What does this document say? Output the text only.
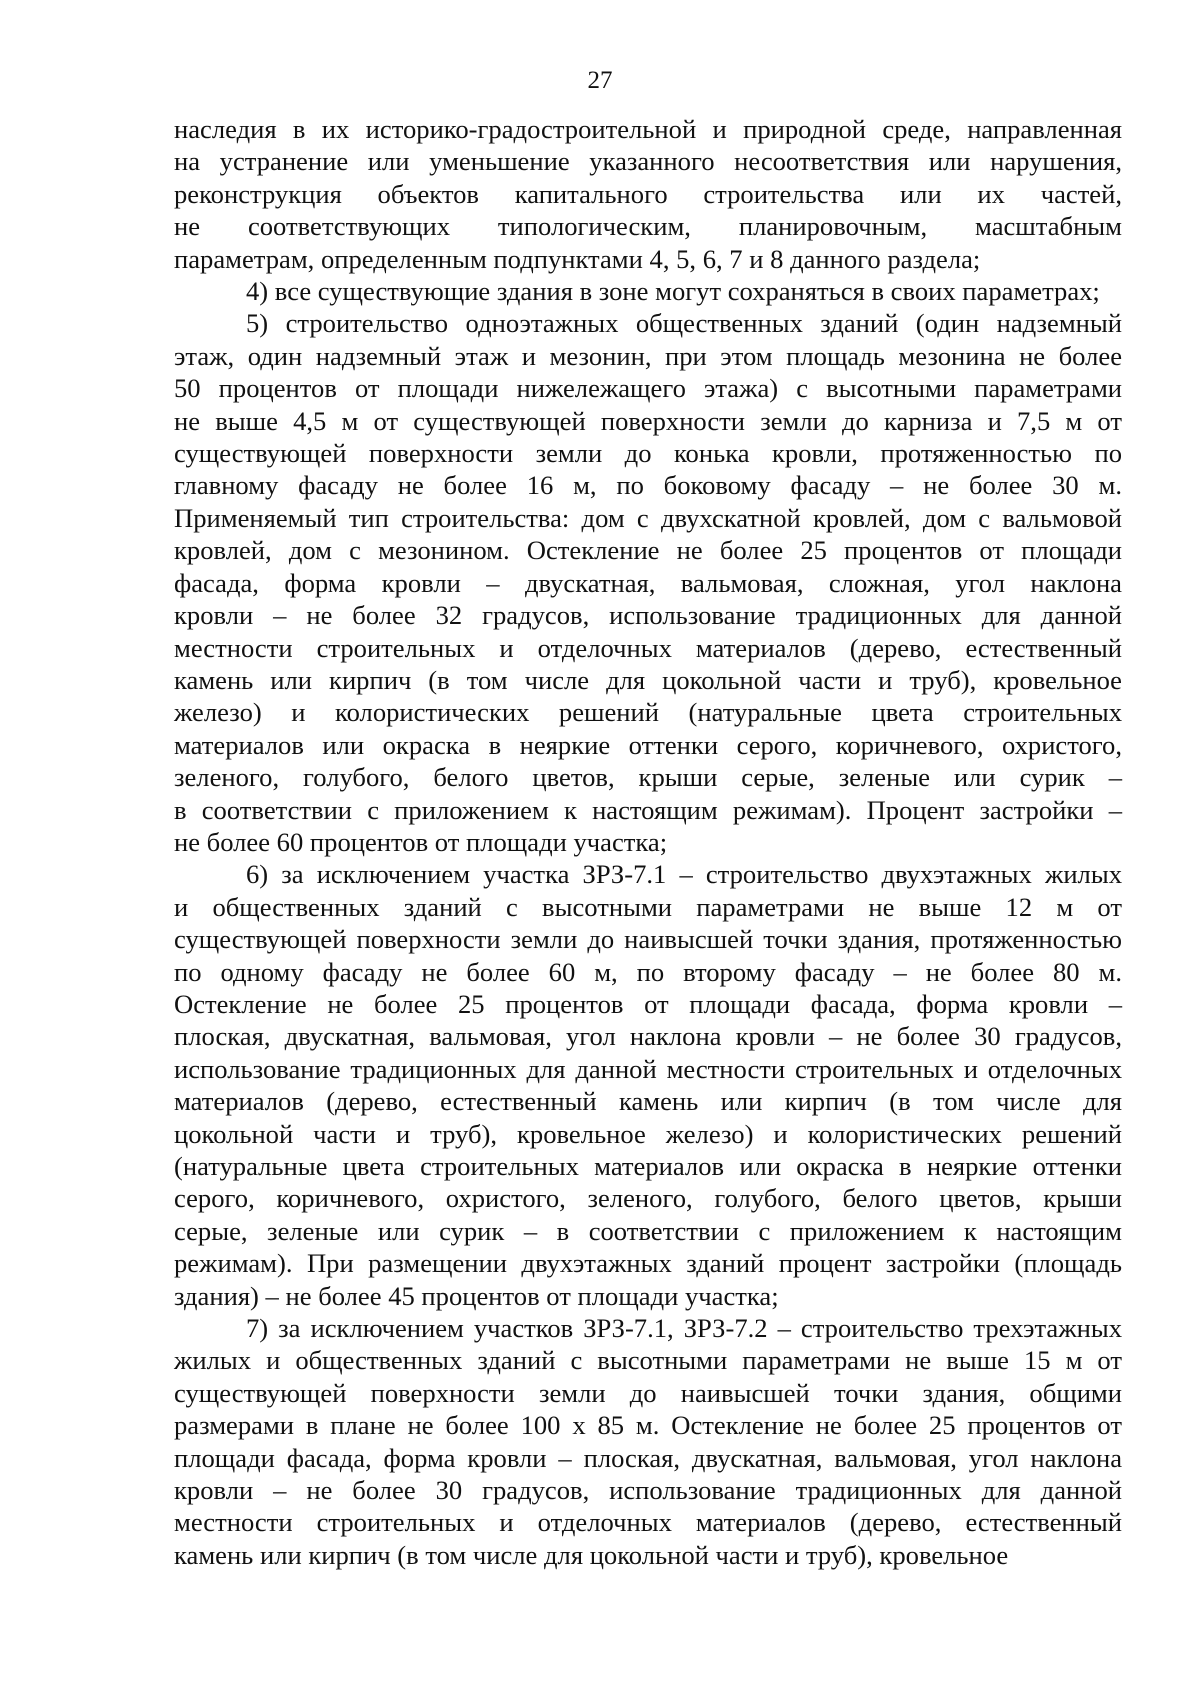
27
наследия в их историко-градостроительной и природной среде, направленная
на устранение или уменьшение указанного несоответствия или нарушения,
реконструкция объектов капитального строительства или их частей,
не соответствующих типологическим, планировочным, масштабным
параметрам, определенным подпунктами 4, 5, 6, 7 и 8 данного раздела;
4) все существующие здания в зоне могут сохраняться в своих параметрах;
5) строительство одноэтажных общественных зданий (один надземный
этаж, один надземный этаж и мезонин, при этом площадь мезонина не более
50 процентов от площади нижележащего этажа) с высотными параметрами
не выше 4,5 м от существующей поверхности земли до карниза и 7,5 м от
существующей поверхности земли до конька кровли, протяженностью по
главному фасаду не более 16 м, по боковому фасаду – не более 30 м.
Применяемый тип строительства: дом с двухскатной кровлей, дом с вальмовой
кровлей, дом с мезонином. Остекление не более 25 процентов от площади
фасада, форма кровли – двускатная, вальмовая, сложная, угол наклона
кровли – не более 32 градусов, использование традиционных для данной
местности строительных и отделочных материалов (дерево, естественный
камень или кирпич (в том числе для цокольной части и труб), кровельное
железо) и колористических решений (натуральные цвета строительных
материалов или окраска в неяркие оттенки серого, коричневого, охристого,
зеленого, голубого, белого цветов, крыши серые, зеленые или сурик –
в соответствии с приложением к настоящим режимам). Процент застройки –
не более 60 процентов от площади участка;
6) за исключением участка ЗРЗ-7.1 – строительство двухэтажных жилых
и общественных зданий с высотными параметрами не выше 12 м от
существующей поверхности земли до наивысшей точки здания, протяженностью
по одному фасаду не более 60 м, по второму фасаду – не более 80 м.
Остекление не более 25 процентов от площади фасада, форма кровли –
плоская, двускатная, вальмовая, угол наклона кровли – не более 30 градусов,
использование традиционных для данной местности строительных и отделочных
материалов (дерево, естественный камень или кирпич (в том числе для
цокольной части и труб), кровельное железо) и колористических решений
(натуральные цвета строительных материалов или окраска в неяркие оттенки
серого, коричневого, охристого, зеленого, голубого, белого цветов, крыши
серые, зеленые или сурик – в соответствии с приложением к настоящим
режимам). При размещении двухэтажных зданий процент застройки (площадь
здания) – не более 45 процентов от площади участка;
7) за исключением участков ЗРЗ-7.1, ЗРЗ-7.2 – строительство трехэтажных
жилых и общественных зданий с высотными параметрами не выше 15 м от
существующей поверхности земли до наивысшей точки здания, общими
размерами в плане не более 100 х 85 м. Остекление не более 25 процентов от
площади фасада, форма кровли – плоская, двускатная, вальмовая, угол наклона
кровли – не более 30 градусов, использование традиционных для данной
местности строительных и отделочных материалов (дерево, естественный
камень или кирпич (в том числе для цокольной части и труб), кровельное
